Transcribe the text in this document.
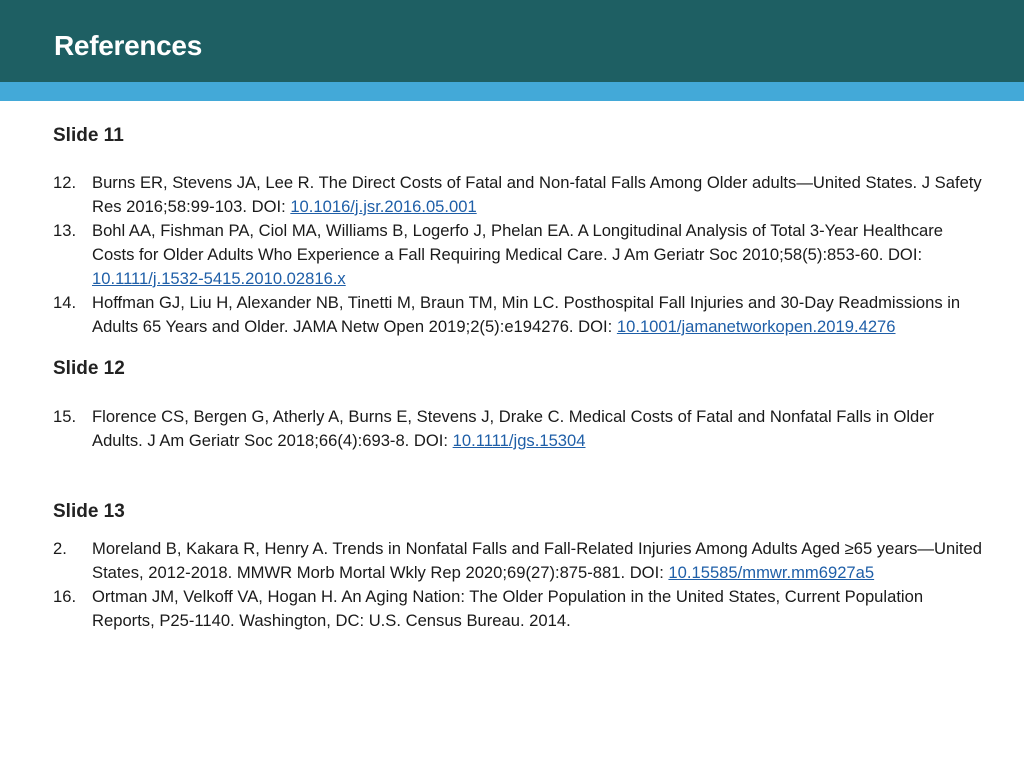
References
Slide 11
12. Burns ER, Stevens JA, Lee R. The Direct Costs of Fatal and Non-fatal Falls Among Older adults—United States. J Safety Res 2016;58:99-103. DOI: 10.1016/j.jsr.2016.05.001
13. Bohl AA, Fishman PA, Ciol MA, Williams B, Logerfo J, Phelan EA. A Longitudinal Analysis of Total 3-Year Healthcare Costs for Older Adults Who Experience a Fall Requiring Medical Care. J Am Geriatr Soc 2010;58(5):853-60. DOI: 10.1111/j.1532-5415.2010.02816.x
14. Hoffman GJ, Liu H, Alexander NB, Tinetti M, Braun TM, Min LC. Posthospital Fall Injuries and 30-Day Readmissions in Adults 65 Years and Older. JAMA Netw Open 2019;2(5):e194276. DOI: 10.1001/jamanetworkopen.2019.4276
Slide 12
15. Florence CS, Bergen G, Atherly A, Burns E, Stevens J, Drake C. Medical Costs of Fatal and Nonfatal Falls in Older Adults. J Am Geriatr Soc 2018;66(4):693-8. DOI: 10.1111/jgs.15304
Slide 13
2. Moreland B, Kakara R, Henry A. Trends in Nonfatal Falls and Fall-Related Injuries Among Adults Aged ≥65 years—United States, 2012-2018. MMWR Morb Mortal Wkly Rep 2020;69(27):875-881. DOI: 10.15585/mmwr.mm6927a5
16. Ortman JM, Velkoff VA, Hogan H. An Aging Nation: The Older Population in the United States, Current Population Reports, P25-1140. Washington, DC: U.S. Census Bureau. 2014.
